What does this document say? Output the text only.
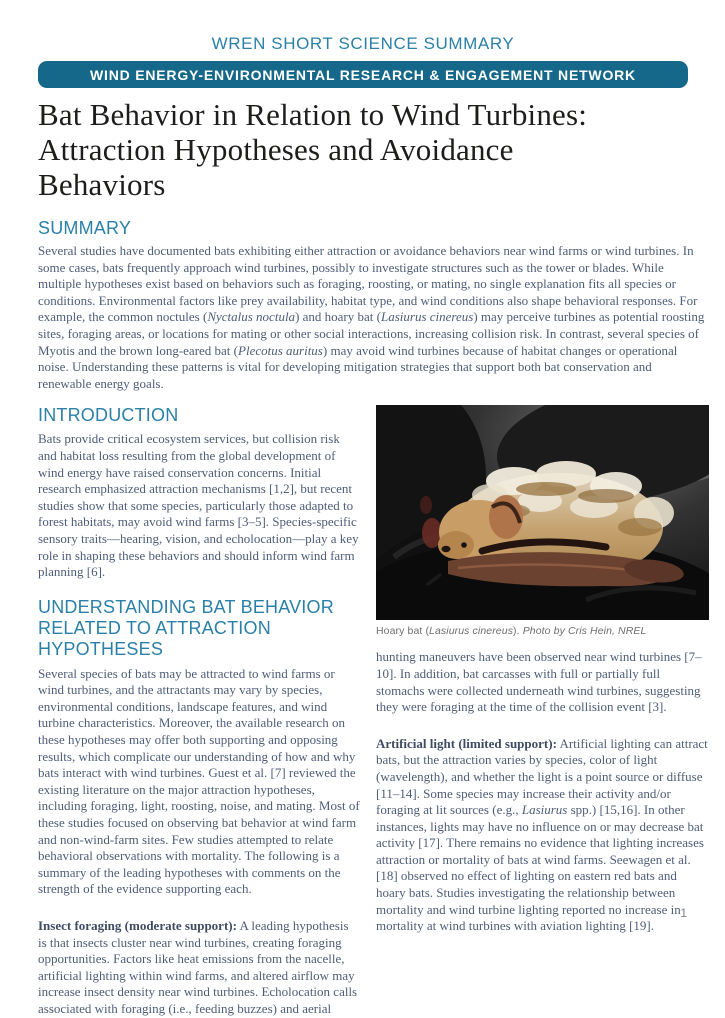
WREN SHORT SCIENCE SUMMARY
WIND ENERGY-ENVIRONMENTAL RESEARCH & ENGAGEMENT NETWORK
Bat Behavior in Relation to Wind Turbines:
Attraction Hypotheses and Avoidance
Behaviors
SUMMARY

Several studies have documented bats exhibiting either attraction or avoidance behaviors near wind farms or wind turbines. In some cases, bats frequently approach wind turbines, possibly to investigate structures such as the tower or blades. While multiple hypotheses exist based on behaviors such as foraging, roosting, or mating, no single explanation fits all species or conditions. Environmental factors like prey availability, habitat type, and wind conditions also shape behavioral responses. For example, the common noctules (Nyctalus noctula) and hoary bat (Lasiurus cinereus) may perceive turbines as potential roosting sites, foraging areas, or locations for mating or other social interactions, increasing collision risk. In contrast, several species of Myotis and the brown long-eared bat (Plecotus auritus) may avoid wind turbines because of habitat changes or operational noise. Understanding these patterns is vital for developing mitigation strategies that support both bat conservation and renewable energy goals.

INTRODUCTION

Bats provide critical ecosystem services, but collision risk and habitat loss resulting from the global development of wind energy have raised conservation concerns. Initial research emphasized attraction mechanisms [1,2], but recent studies show that some species, particularly those adapted to forest habitats, may avoid wind farms [3–5]. Species-specific sensory traits—hearing, vision, and echolocation—play a key role in shaping these behaviors and should inform wind farm planning [6].

UNDERSTANDING BAT BEHAVIOR
RELATED TO ATTRACTION HYPOTHESES

Several species of bats may be attracted to wind farms or wind turbines, and the attractants may vary by species, environmental conditions, landscape features, and wind turbine characteristics. Moreover, the available research on these hypotheses may offer both supporting and opposing results, which complicate our understanding of how and why bats interact with wind turbines. Guest et al. [7] reviewed the existing literature on the major attraction hypotheses, including foraging, light, roosting, noise, and mating. Most of these studies focused on observing bat behavior at wind farm and non-wind-farm sites. Few studies attempted to relate behavioral observations with mortality. The following is a summary of the leading hypotheses with comments on the strength of the evidence supporting each.

Insect foraging (moderate support): A leading hypothesis is that insects cluster near wind turbines, creating foraging opportunities. Factors like heat emissions from the nacelle, artificial lighting within wind farms, and altered airflow may increase insect density near wind turbines. Echolocation calls associated with foraging (i.e., feeding buzzes) and aerial

Hoary bat (Lasiurus cinereus). Photo by Cris Hein, NREL

hunting maneuvers have been observed near wind turbines [7–10]. In addition, bat carcasses with full or partially full stomachs were collected underneath wind turbines, suggesting they were foraging at the time of the collision event [3].

Artificial light (limited support): Artificial lighting can attract bats, but the attraction varies by species, color of light (wavelength), and whether the light is a point source or diffuse [11–14]. Some species may increase their activity and/or foraging at lit sources (e.g., Lasiurus spp.) [15,16]. In other instances, lights may have no influence on or may decrease bat activity [17]. There remains no evidence that lighting increases attraction or mortality of bats at wind farms. Seewagen et al. [18] observed no effect of lighting on eastern red bats and hoary bats. Studies investigating the relationship between mortality and wind turbine lighting reported no increase in mortality at wind turbines with aviation lighting [19].

1
